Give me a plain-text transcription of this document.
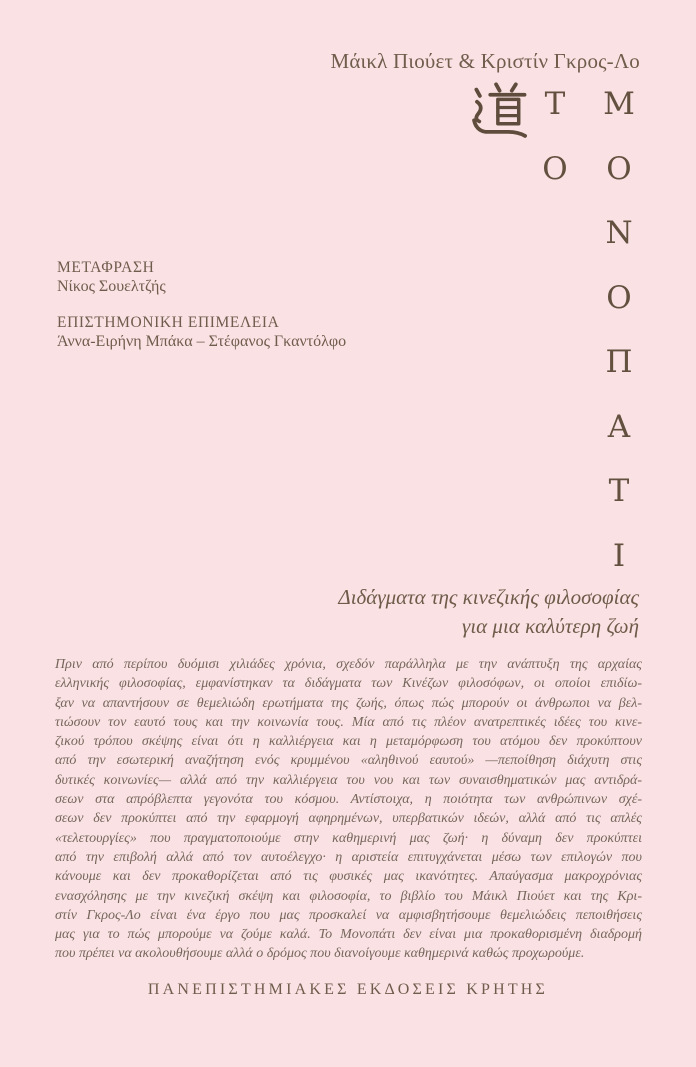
Μάικλ Πιούετ & Κριστίν Γκρος-Λο
Τ
Ο
Μ
Ο
Ν
Ο
Π
Α
Τ
Ι
ΜΕΤΑΦΡΑΣΗ
Νίκος Σουελτζής
ΕΠΙΣΤΗΜΟΝΙΚΗ ΕΠΙΜΕΛΕΙΑ
Άννα-Ειρήνη Μπάκα – Στέφανος Γκαντόλφο
Διδάγματα της κινεζικής φιλοσοφίας
για μια καλύτερη ζωή
Πριν από περίπου δυόμισι χιλιάδες χρόνια, σχεδόν παράλληλα με την ανάπτυξη της αρχαίας
ελληνικής φιλοσοφίας, εμφανίστηκαν τα διδάγματα των Κινέζων φιλοσόφων, οι οποίοι επιδίω-
ξαν να απαντήσουν σε θεμελιώδη ερωτήματα της ζωής, όπως πώς μπορούν οι άνθρωποι να βελ-
τιώσουν τον εαυτό τους και την κοινωνία τους. Μία από τις πλέον ανατρεπτικές ιδέες του κινε-
ζικού τρόπου σκέψης είναι ότι η καλλιέργεια και η μεταμόρφωση του ατόμου δεν προκύπτουν
από την εσωτερική αναζήτηση ενός κρυμμένου «αληθινού εαυτού» —πεποίθηση διάχυτη στις
δυτικές κοινωνίες— αλλά από την καλλιέργεια του νου και των συναισθηματικών μας αντιδρά-
σεων στα απρόβλεπτα γεγονότα του κόσμου. Αντίστοιχα, η ποιότητα των ανθρώπινων σχέ-
σεων δεν προκύπτει από την εφαρμογή αφηρημένων, υπερβατικών ιδεών, αλλά από τις απλές
«τελετουργίες» που πραγματοποιούμε στην καθημερινή μας ζωή· η δύναμη δεν προκύπτει
από την επιβολή αλλά από τον αυτοέλεγχο· η αριστεία επιτυγχάνεται μέσω των επιλογών που
κάνουμε και δεν προκαθορίζεται από τις φυσικές μας ικανότητες. Απαύγασμα μακροχρόνιας
ενασχόλησης με την κινεζική σκέψη και φιλοσοφία, το βιβλίο του Μάικλ Πιούετ και της Κρι-
στίν Γκρος-Λο είναι ένα έργο που μας προσκαλεί να αμφισβητήσουμε θεμελιώδεις πεποιθήσεις
μας για το πώς μπορούμε να ζούμε καλά. Το Μονοπάτι δεν είναι μια προκαθορισμένη διαδρομή
που πρέπει να ακολουθήσουμε αλλά ο δρόμος που διανοίγουμε καθημερινά καθώς προχωρούμε.
ΠΑΝΕΠΙΣΤΗΜΙΑΚΕΣ ΕΚΔΟΣΕΙΣ ΚΡΗΤΗΣ
